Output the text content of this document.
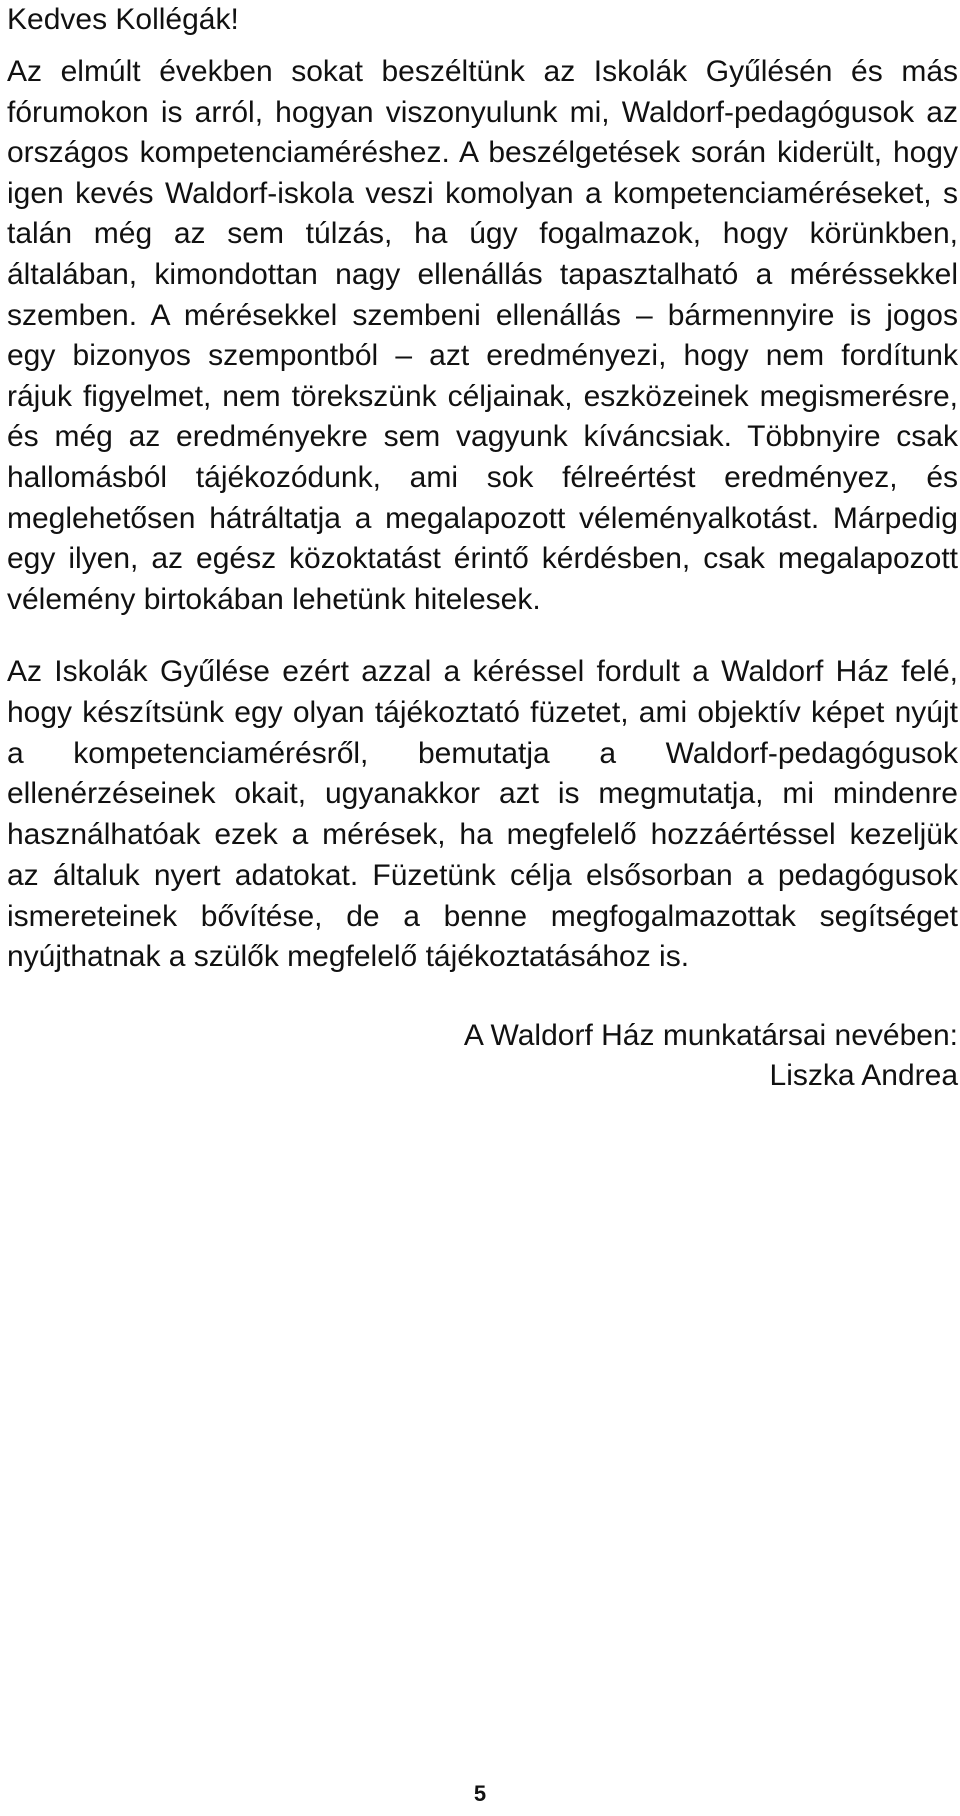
Kedves Kollégák!

Az elmúlt években sokat beszéltünk az Iskolák Gyűlésén és más fórumokon is arról, hogyan viszonyulunk mi, Waldorf-pedagógusok az országos kompetenciaméréshez. A beszélgetések során kiderült, hogy igen kevés Waldorf-iskola veszi komolyan a kompetenciaméréseket, s talán még az sem túlzás, ha úgy fogalmazok, hogy körünkben, általában, kimondottan nagy ellenállás tapasztalható a méréssekkel szemben. A mérésekkel szembeni ellenállás – bármennyire is jogos egy bizonyos szempontból – azt eredményezi, hogy nem fordítunk rájuk figyelmet, nem törekszünk céljainak, eszközeinek megismerésre, és még az eredményekre sem vagyunk kíváncsiak. Többnyire csak hallomásból tájékozódunk, ami sok félreértést eredményez, és meglehetősen hátráltatja a megalapozott véleményalkotást. Márpedig egy ilyen, az egész közoktatást érintő kérdésben, csak megalapozott vélemény birtokában lehetünk hitelesek.

Az Iskolák Gyűlése ezért azzal a kéréssel fordult a Waldorf Ház felé, hogy készítsünk egy olyan tájékoztató füzetet, ami objektív képet nyújt a kompetenciamérésről, bemutatja a Waldorf-pedagógusok ellenérzéseinek okait, ugyanakkor azt is megmutatja, mi mindenre használhatóak ezek a mérések, ha megfelelő hozzáértéssel kezeljük az általuk nyert adatokat. Füzetünk célja elsősorban a pedagógusok ismereteinek bővítése, de a benne megfogalmazottak segítséget nyújthatnak a szülők megfelelő tájékoztatásához is.

A Waldorf Ház munkatársai nevében:
Liszka Andrea
5
